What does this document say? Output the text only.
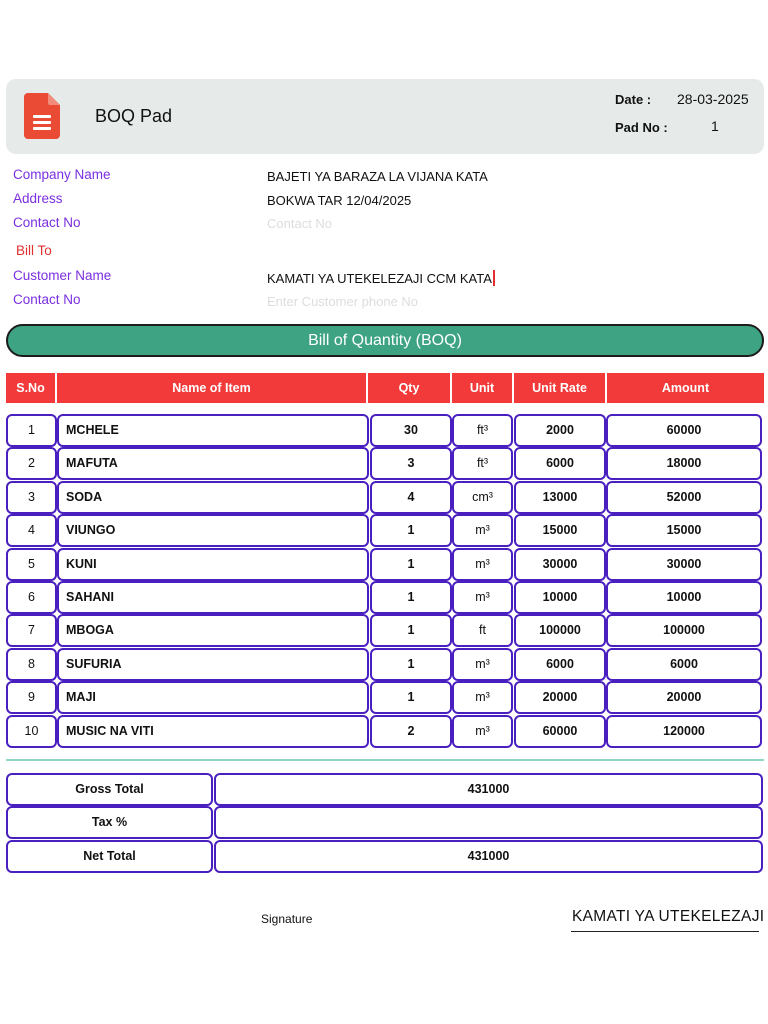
BOQ Pad
Date : 28-03-2025
Pad No :	1
Company Name	BAJETI YA BARAZA LA VIJANA KATA
Address	BOKWA TAR 12/04/2025
Contact No
Contact No
Bill To
Customer Name	KAMATI YA UTEKELEZAJI CCM KATA
Contact No
Enter Customer phone No
Bill of Quantity (BOQ)
S.No	Name of Item	Qty	Unit	Unit Rate	Amount
1	MCHELE	30	ft³	2000	60000
2	MAFUTA	3	ft³	6000	18000
3	SODA	4	cm³	13000	52000
4	VIUNGO	1	m³	15000	15000
5	KUNI	1	m³	30000	30000
6	SAHANI	1	m³	10000	10000
7	MBOGA	1	ft	100000	100000
8	SUFURIA	1	m³	6000	6000
9	MAJI	1	m³	20000	20000
10	MUSIC NA VITI	2	m³	60000	120000
Gross Total	431000
Tax %
Net Total	431000
Signature	KAMATI YA UTEKELEZAJI
